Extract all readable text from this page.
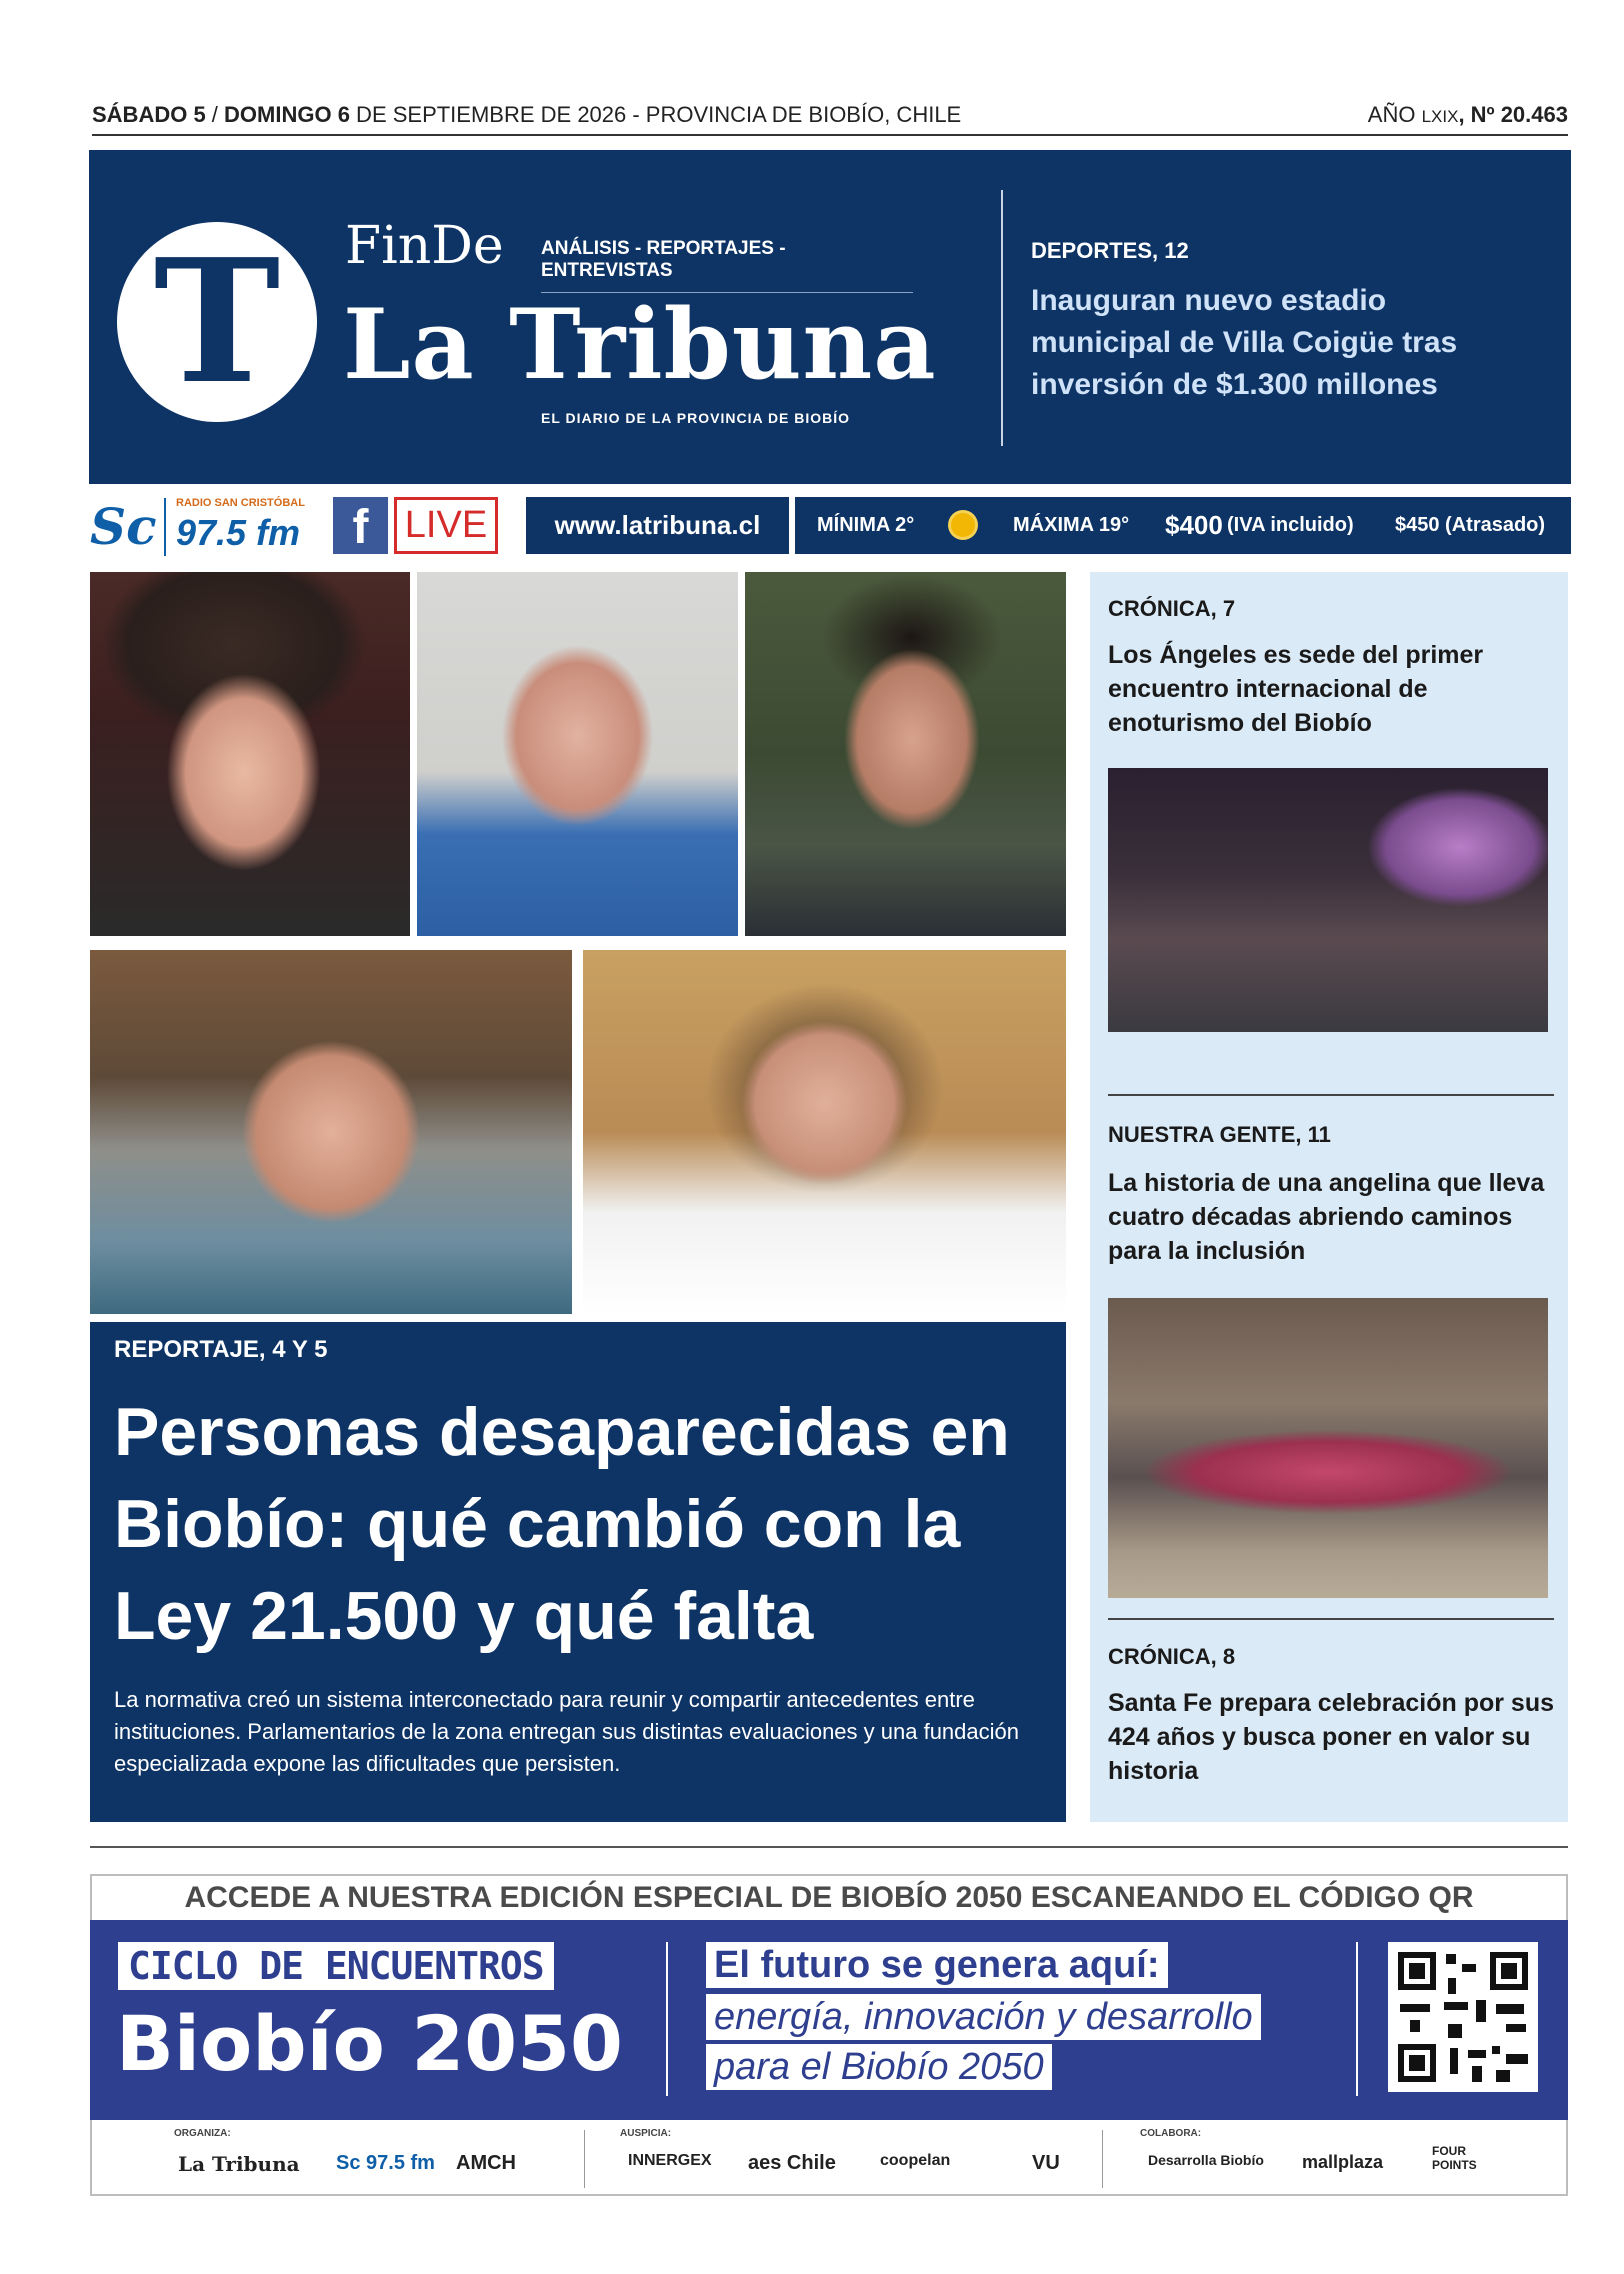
SÁBADO 5 / DOMINGO 6 DE SEPTIEMBRE DE 2026 - PROVINCIA DE BIOBÍO, CHILE	AÑO LXIX, Nº 20.463
T	FinDe ANÁLISIS - REPORTAJES - ENTREVISTAS
La Tribuna
EL DIARIO DE LA PROVINCIA DE BIOBÍO
DEPORTES, 12
Inauguran nuevo estadio municipal de Villa Coigüe tras inversión de $1.300 millones
Sc RADIO SAN CRISTÓBAL
97.5 fm	f LIVE	www.latribuna.cl	MÍNIMA 2°	MÁXIMA 19° $400 (IVA incluido) $450 (Atrasado)
REPORTAJE, 4 Y 5
Personas desaparecidas en Biobío: qué cambió con la Ley 21.500 y qué falta
La normativa creó un sistema interconectado para reunir y compartir antecedentes entre instituciones. Parlamentarios de la zona entregan sus distintas evaluaciones y una fundación especializada expone las dificultades que persisten.
CRÓNICA, 7
Los Ángeles es sede del primer encuentro internacional de enoturismo del Biobío
NUESTRA GENTE, 11
La historia de una angelina que lleva cuatro décadas abriendo caminos para la inclusión
CRÓNICA, 8
Santa Fe prepara celebración por sus 424 años y busca poner en valor su historia
ACCEDE A NUESTRA EDICIÓN ESPECIAL DE BIOBÍO 2050 ESCANEANDO EL CÓDIGO QR
CICLO DE ENCUENTROS
Biobío 2050
El futuro se genera aquí:
energía, innovación y desarrollo
para el Biobío 2050
ORGANIZA:
La Tribuna Sc 97.5 fm AMCH
AUSPICIA:
INNERGEX aes Chile	coopelan	VU
COLABORA:
Desarrolla Biobío mallplaza
FOUR POINTS
